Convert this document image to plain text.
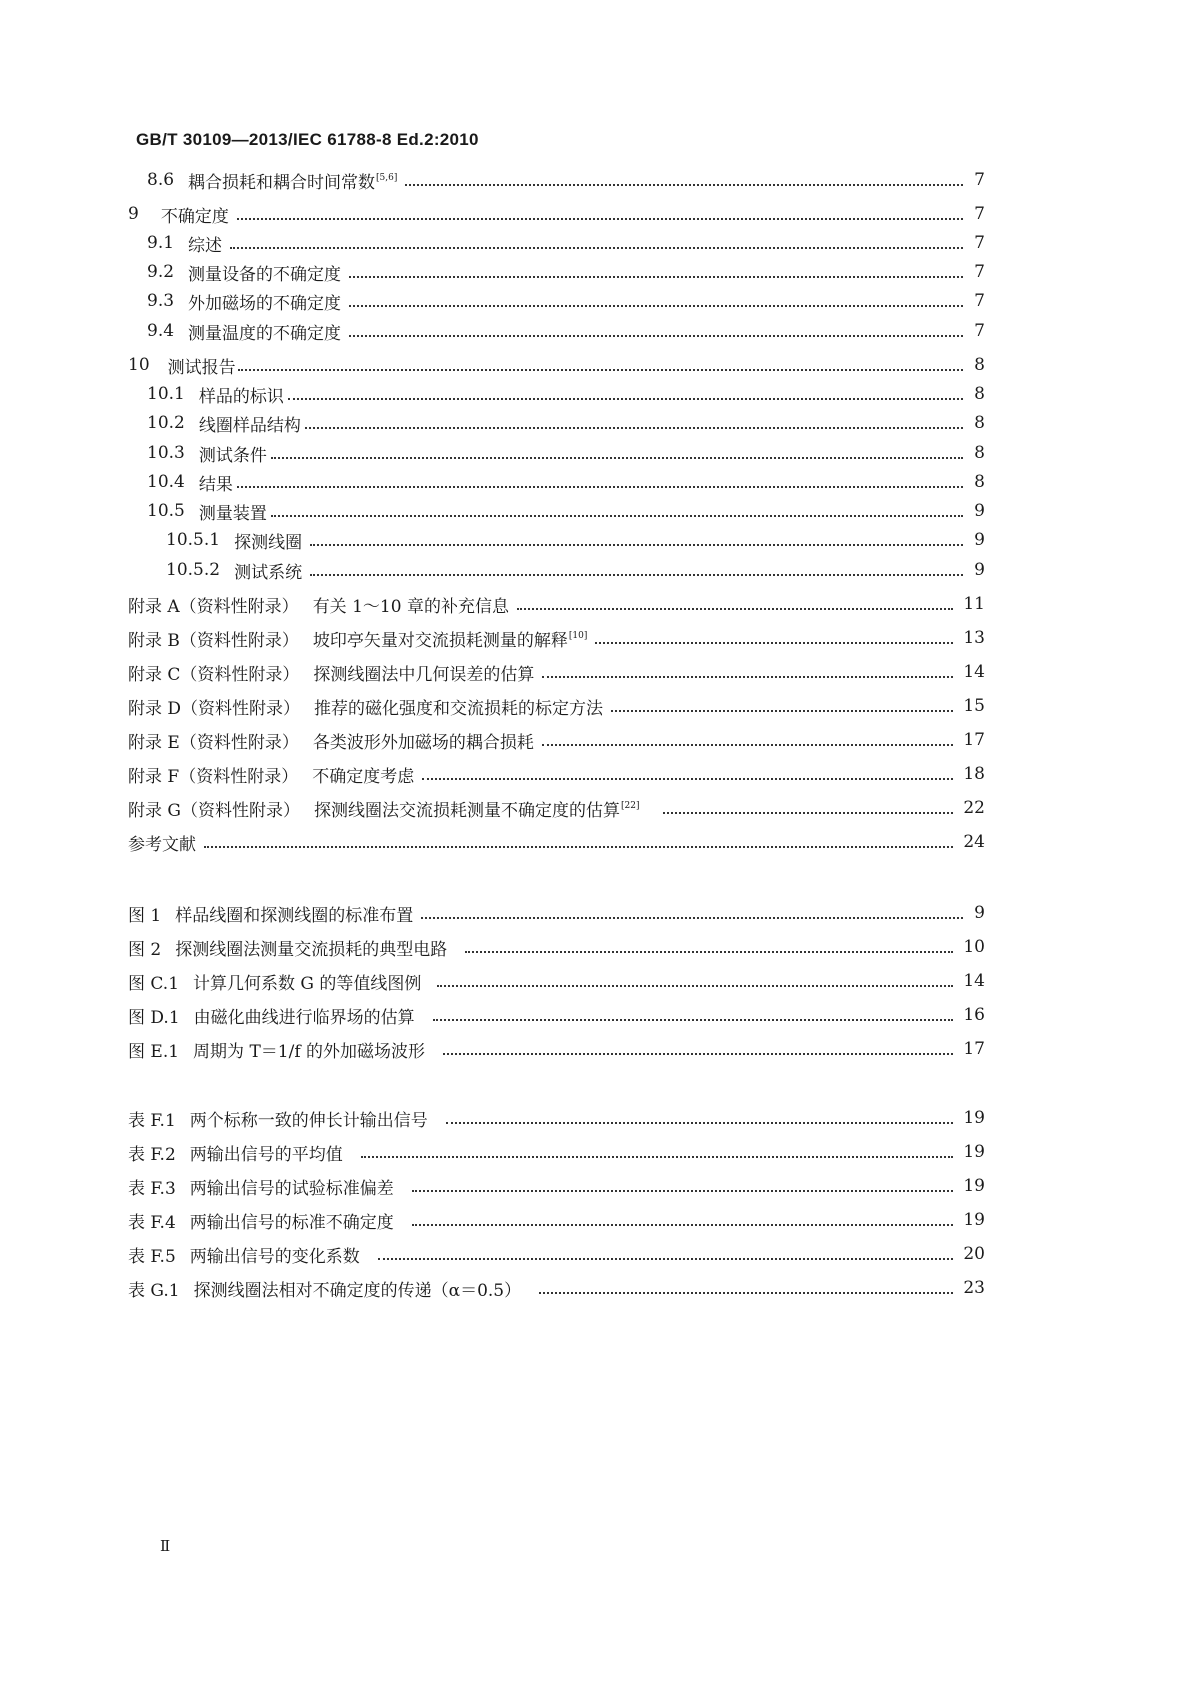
GB/T 30109—2013/IEC 61788-8 Ed.2:2010
8.6 耦合损耗和耦合时间常数[5,6]	7
9 不确定度	7
9.1 综述	7
9.2 测量设备的不确定度	7
9.3 外加磁场的不确定度	7
9.4 测量温度的不确定度	7
10 测试报告	8
10.1 样品的标识	8
10.2 线圈样品结构	8
10.3 测试条件	8
10.4 结果	8
10.5 测量装置	9
10.5.1 探测线圈	9
10.5.2 测试系统	9
附录 A（资料性附录） 有关 1～10 章的补充信息	11
附录 B（资料性附录） 坡印亭矢量对交流损耗测量的解释[10]	13
附录 C（资料性附录） 探测线圈法中几何误差的估算	14
附录 D（资料性附录） 推荐的磁化强度和交流损耗的标定方法	15
附录 E（资料性附录） 各类波形外加磁场的耦合损耗	17
附录 F（资料性附录） 不确定度考虑	18
附录 G（资料性附录） 探测线圈法交流损耗测量不确定度的估算[22]	22
参考文献	24
图 1 样品线圈和探测线圈的标准布置	9
图 2 探测线圈法测量交流损耗的典型电路	10
图 C.1 计算几何系数 G 的等值线图例	14
图 D.1 由磁化曲线进行临界场的估算	16
图 E.1 周期为 T＝1/f 的外加磁场波形	17
表 F.1 两个标称一致的伸长计输出信号	19
表 F.2 两输出信号的平均值	19
表 F.3 两输出信号的试验标准偏差	19
表 F.4 两输出信号的标准不确定度	19
表 F.5 两输出信号的变化系数	20
表 G.1 探测线圈法相对不确定度的传递（α＝0.5）	23
Ⅱ
